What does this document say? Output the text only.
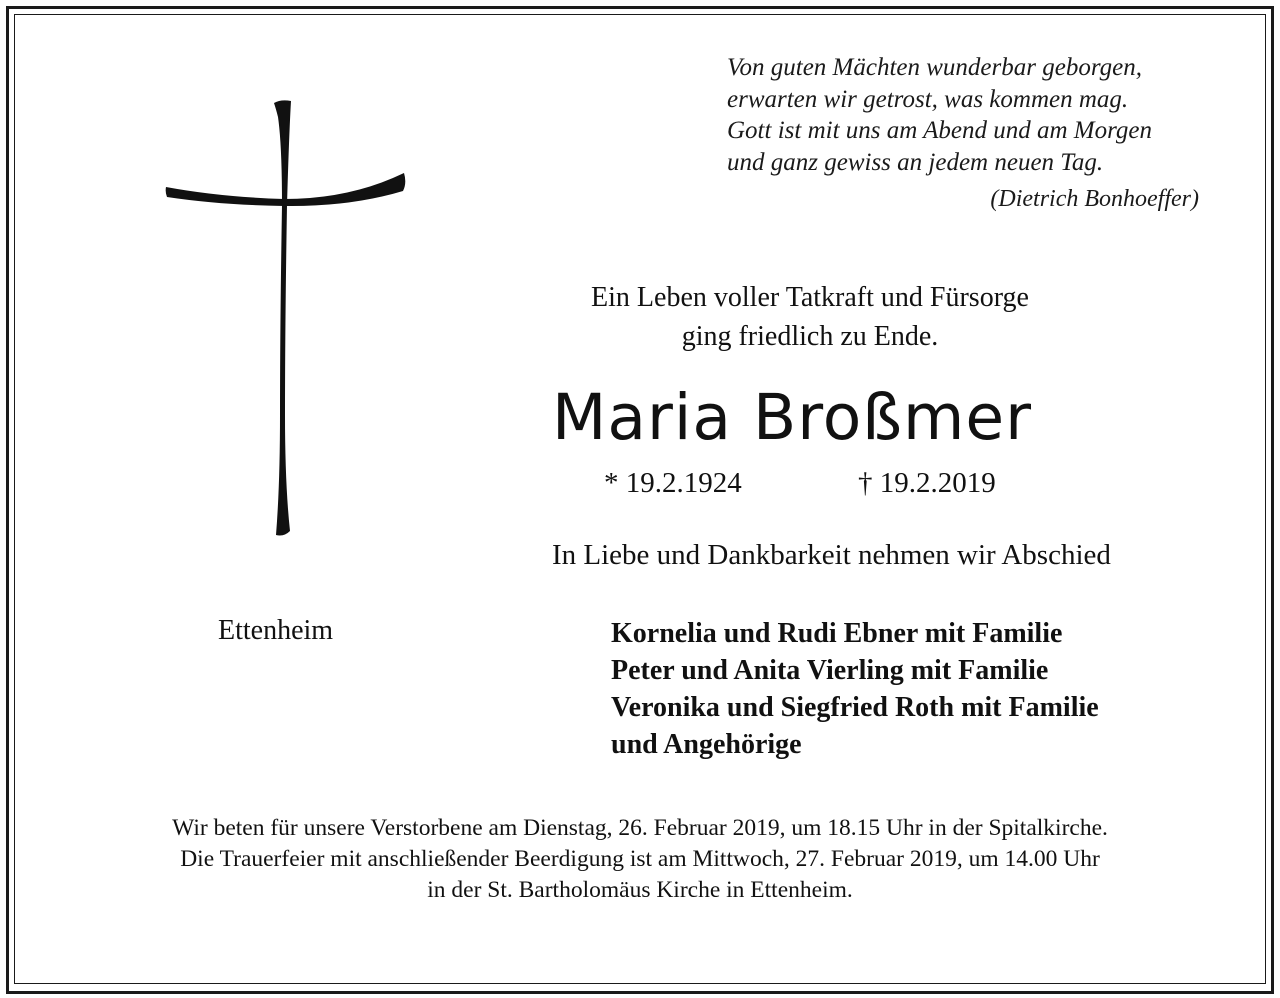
Von guten Mächten wunderbar geborgen,
erwarten wir getrost, was kommen mag.
Gott ist mit uns am Abend und am Morgen
und ganz gewiss an jedem neuen Tag.
(Dietrich Bonhoeffer)
Ein Leben voller Tatkraft und Fürsorge
ging friedlich zu Ende.
Maria Broßmer
* 19.2.1924	† 19.2.2019
In Liebe und Dankbarkeit nehmen wir Abschied
Ettenheim	Kornelia und Rudi Ebner mit Familie
Peter und Anita Vierling mit Familie
Veronika und Siegfried Roth mit Familie
und Angehörige
Wir beten für unsere Verstorbene am Dienstag, 26. Februar 2019, um 18.15 Uhr in der Spitalkirche.
Die Trauerfeier mit anschließender Beerdigung ist am Mittwoch, 27. Februar 2019, um 14.00 Uhr
in der St. Bartholomäus Kirche in Ettenheim.
